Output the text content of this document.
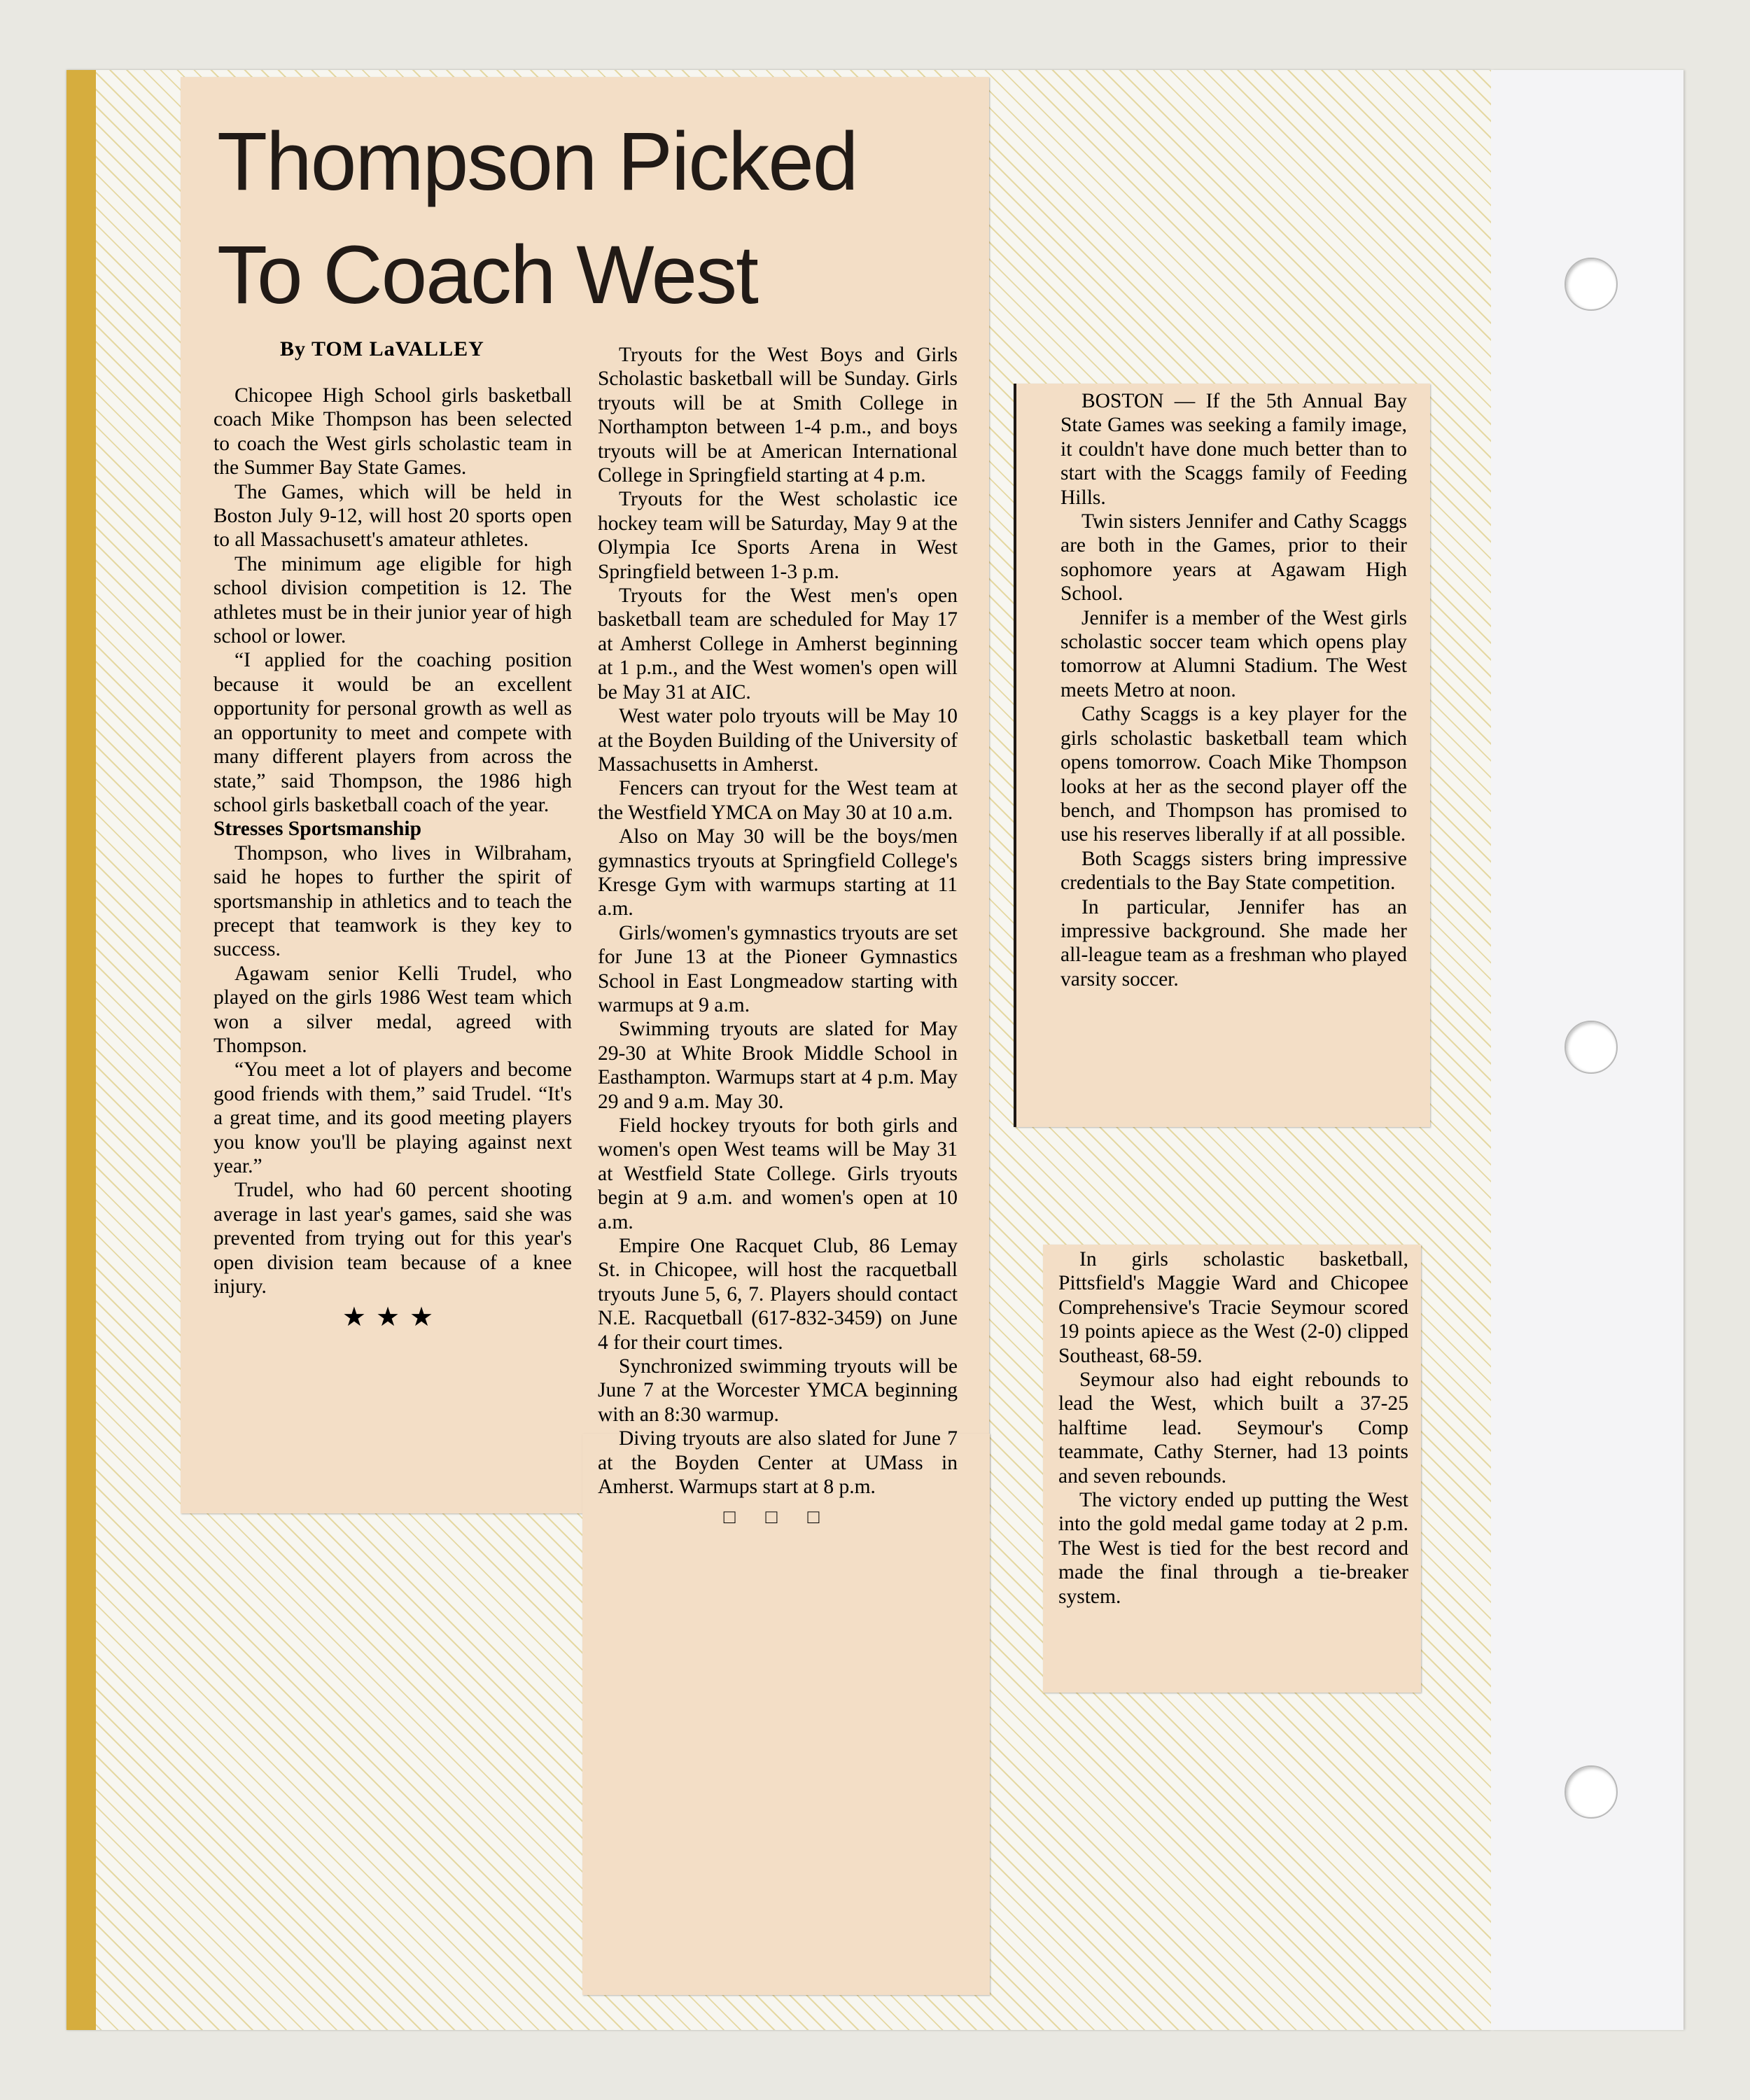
Thompson Picked
To Coach West
By TOM LaVALLEY

Chicopee High School girls basketball coach Mike Thompson has been selected to coach the West girls scholastic team in the Summer Bay State Games.

The Games, which will be held in Boston July 9-12, will host 20 sports open to all Massachusett's amateur athletes.

The minimum age eligible for high school division competition is 12. The athletes must be in their junior year of high school or lower.

“I applied for the coaching position because it would be an excellent opportunity for personal growth as well as an opportunity to meet and compete with many different players from across the state,” said Thompson, the 1986 high school girls basketball coach of the year.

Stresses Sportsmanship

Thompson, who lives in Wilbraham, said he hopes to further the spirit of sportsmanship in athletics and to teach the precept that teamwork is they key to success.

Agawam senior Kelli Trudel, who played on the girls 1986 West team which won a silver medal, agreed with Thompson.

“You meet a lot of players and become good friends with them,” said Trudel. “It's a great time, and its good meeting players you know you'll be playing against next year.”

Trudel, who had 60 percent shooting average in last year's games, said she was prevented from trying out for this year's open division team because of a knee injury.

★★★

Tryouts for the West Boys and Girls Scholastic basketball will be Sunday. Girls tryouts will be at Smith College in Northampton between 1-4 p.m., and boys tryouts will be at American International College in Springfield starting at 4 p.m.

Tryouts for the West scholastic ice hockey team will be Saturday, May 9 at the Olympia Ice Sports Arena in West Springfield between 1-3 p.m.

Tryouts for the West men's open basketball team are scheduled for May 17 at Amherst College in Amherst beginning at 1 p.m., and the West women's open will be May 31 at AIC.

West water polo tryouts will be May 10 at the Boyden Building of the University of Massachusetts in Amherst.

Fencers can tryout for the West team at the Westfield YMCA on May 30 at 10 a.m.

Also on May 30 will be the boys/men gymnastics tryouts at Springfield College's Kresge Gym with warmups starting at 11 a.m.

Girls/women's gymnastics tryouts are set for June 13 at the Pioneer Gymnastics School in East Longmeadow starting with warmups at 9 a.m.

Swimming tryouts are slated for May 29-30 at White Brook Middle School in Easthampton. Warmups start at 4 p.m. May 29 and 9 a.m. May 30.

Field hockey tryouts for both girls and women's open West teams will be May 31 at Westfield State College. Girls tryouts begin at 9 a.m. and women's open at 10 a.m.

Empire One Racquet Club, 86 Lemay St. in Chicopee, will host the racquetball tryouts June 5, 6, 7. Players should contact N.E. Racquetball (617-832-3459) on June 4 for their court times.

Synchronized swimming tryouts will be June 7 at the Worcester YMCA beginning with an 8:30 warmup.

Diving tryouts are also slated for June 7 at the Boyden Center at UMass in Amherst. Warmups start at 8 p.m.

□ □ □

BOSTON — If the 5th Annual Bay State Games was seeking a family image, it couldn't have done much better than to start with the Scaggs family of Feeding Hills.

Twin sisters Jennifer and Cathy Scaggs are both in the Games, prior to their sophomore years at Agawam High School.

Jennifer is a member of the West girls scholastic soccer team which opens play tomorrow at Alumni Stadium. The West meets Metro at noon.

Cathy Scaggs is a key player for the girls scholastic basketball team which opens tomorrow. Coach Mike Thompson looks at her as the second player off the bench, and Thompson has promised to use his reserves liberally if at all possible.

Both Scaggs sisters bring impressive credentials to the Bay State competition.

In particular, Jennifer has an impressive background. She made her all-league team as a freshman who played varsity soccer.

In girls scholastic basketball, Pittsfield's Maggie Ward and Chicopee Comprehensive's Tracie Seymour scored 19 points apiece as the West (2-0) clipped Southeast, 68-59.

Seymour also had eight rebounds to lead the West, which built a 37-25 halftime lead. Seymour's Comp teammate, Cathy Sterner, had 13 points and seven rebounds.

The victory ended up putting the West into the gold medal game today at 2 p.m. The West is tied for the best record and made the final through a tie-breaker system.
